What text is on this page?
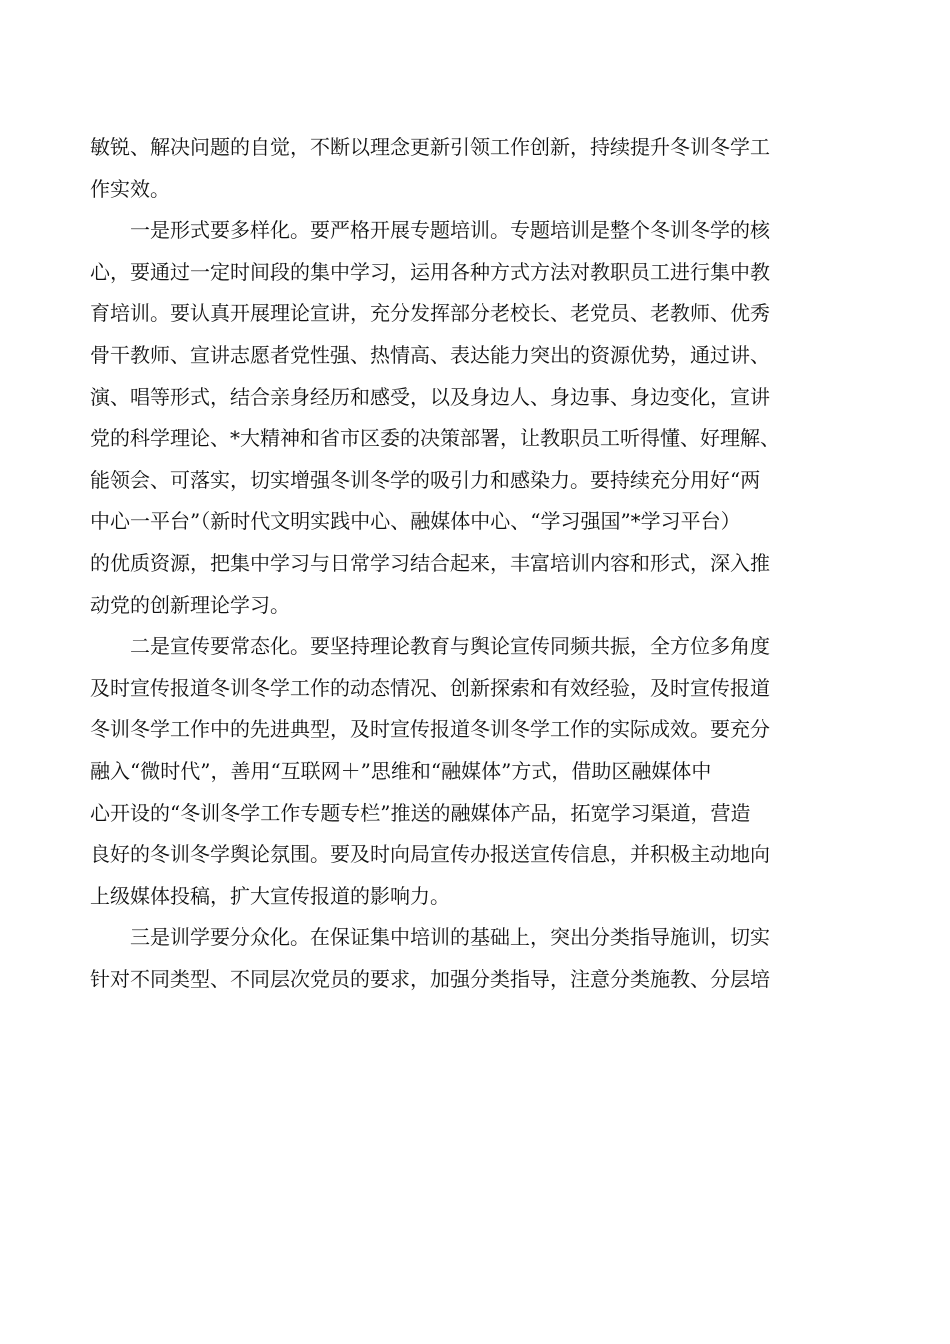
敏锐、解决问题的自觉，不断以理念更新引领工作创新，持续提升冬训冬学工
作实效。

一是形式要多样化。要严格开展专题培训。专题培训是整个冬训冬学的核
心，要通过一定时间段的集中学习，运用各种方式方法对教职员工进行集中教
育培训。要认真开展理论宣讲，充分发挥部分老校长、老党员、老教师、优秀
骨干教师、宣讲志愿者党性强、热情高、表达能力突出的资源优势，通过讲、
演、唱等形式，结合亲身经历和感受，以及身边人、身边事、身边变化，宣讲
党的科学理论、*大精神和省市区委的决策部署，让教职员工听得懂、好理解、
能领会、可落实，切实增强冬训冬学的吸引力和感染力。要持续充分用好“两
中心一平台”（新时代文明实践中心、融媒体中心、“学习强国”*学习平台）
的优质资源，把集中学习与日常学习结合起来，丰富培训内容和形式，深入推
动党的创新理论学习。

二是宣传要常态化。要坚持理论教育与舆论宣传同频共振，全方位多角度
及时宣传报道冬训冬学工作的动态情况、创新探索和有效经验，及时宣传报道
冬训冬学工作中的先进典型，及时宣传报道冬训冬学工作的实际成效。要充分
融入“微时代”，善用“互联网＋”思维和“融媒体”方式，借助区融媒体中
心开设的“冬训冬学工作专题专栏”推送的融媒体产品，拓宽学习渠道，营造
良好的冬训冬学舆论氛围。要及时向局宣传办报送宣传信息，并积极主动地向
上级媒体投稿，扩大宣传报道的影响力。

三是训学要分众化。在保证集中培训的基础上，突出分类指导施训，切实
针对不同类型、不同层次党员的要求，加强分类指导，注意分类施教、分层培
